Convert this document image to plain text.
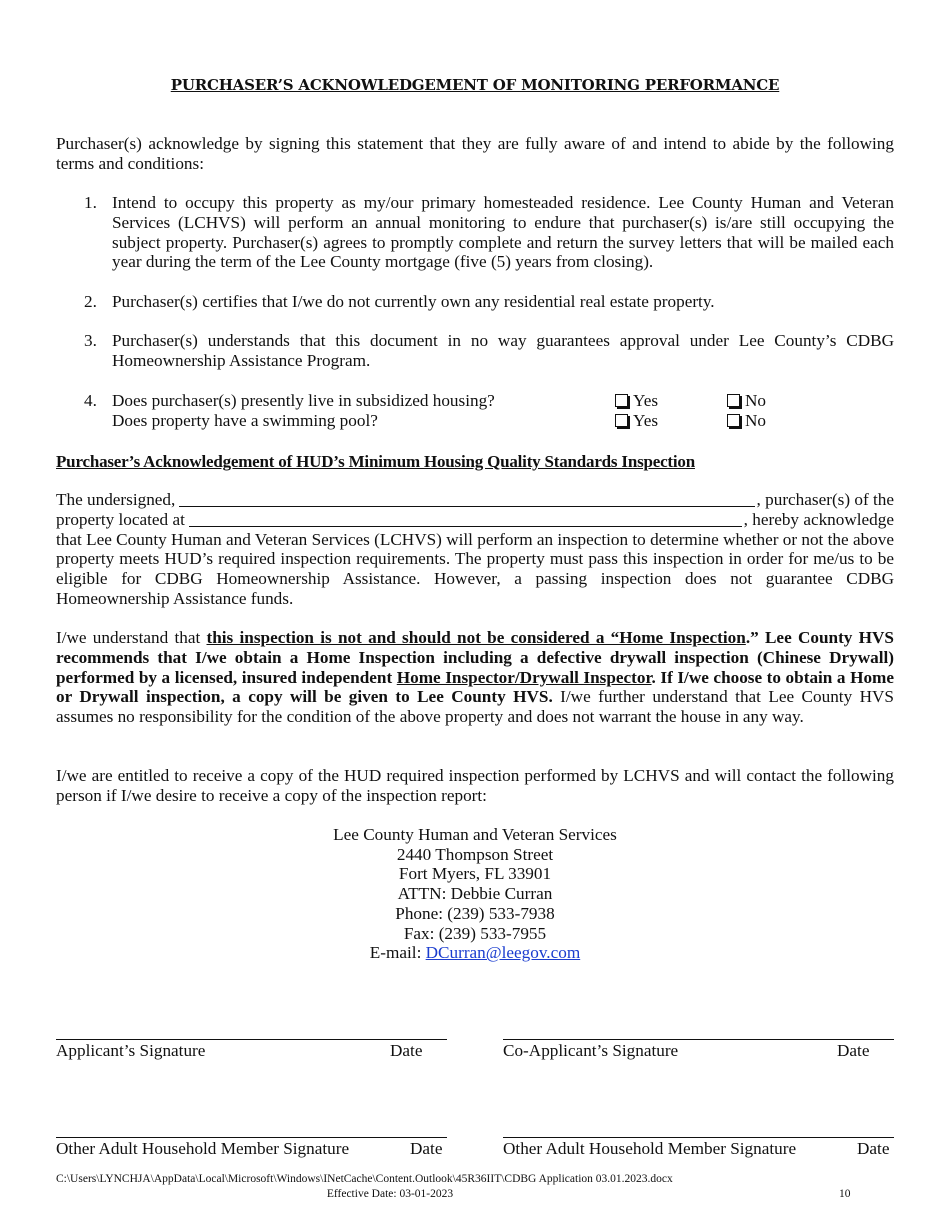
PURCHASER’S ACKNOWLEDGEMENT OF MONITORING PERFORMANCE
Purchaser(s) acknowledge by signing this statement that they are fully aware of and intend to abide by the following terms and conditions:
1. Intend to occupy this property as my/our primary homesteaded residence. Lee County Human and Veteran Services (LCHVS) will perform an annual monitoring to endure that purchaser(s) is/are still occupying the subject property. Purchaser(s) agrees to promptly complete and return the survey letters that will be mailed each year during the term of the Lee County mortgage (five (5) years from closing).
2. Purchaser(s) certifies that I/we do not currently own any residential real estate property.
3. Purchaser(s) understands that this document in no way guarantees approval under Lee County’s CDBG Homeownership Assistance Program.
4. Does purchaser(s) presently live in subsidized housing?	Yes	No
Does property have a swimming pool?	Yes	No
Purchaser’s Acknowledgement of HUD’s Minimum Housing Quality Standards Inspection
The undersigned,	, purchaser(s) of the
property located at	, hereby acknowledge
that Lee County Human and Veteran Services (LCHVS) will perform an inspection to determine whether or not the above property meets HUD’s required inspection requirements. The property must pass this inspection in order for me/us to be eligible for CDBG Homeownership Assistance. However, a passing inspection does not guarantee CDBG Homeownership Assistance funds.
I/we understand that this inspection is not and should not be considered a “Home Inspection.” Lee County HVS recommends that I/we obtain a Home Inspection including a defective drywall inspection (Chinese Drywall) performed by a licensed, insured independent Home Inspector/Drywall Inspector. If I/we choose to obtain a Home or Drywall inspection, a copy will be given to Lee County HVS. I/we further understand that Lee County HVS assumes no responsibility for the condition of the above property and does not warrant the house in any way.
I/we are entitled to receive a copy of the HUD required inspection performed by LCHVS and will contact the following person if I/we desire to receive a copy of the inspection report:
Lee County Human and Veteran Services
2440 Thompson Street
Fort Myers, FL 33901
ATTN: Debbie Curran
Phone: (239) 533-7938
Fax: (239) 533-7955
E-mail: DCurran@leegov.com
Applicant’s Signature	Date	Co-Applicant’s Signature	Date
Other Adult Household Member Signature	Date	Other Adult Household Member Signature	Date
C:\Users\LYNCHJA\AppData\Local\Microsoft\Windows\INetCache\Content.Outlook\45R36IIT\CDBG Application 03.01.2023.docx
Effective Date: 03-01-2023	10
